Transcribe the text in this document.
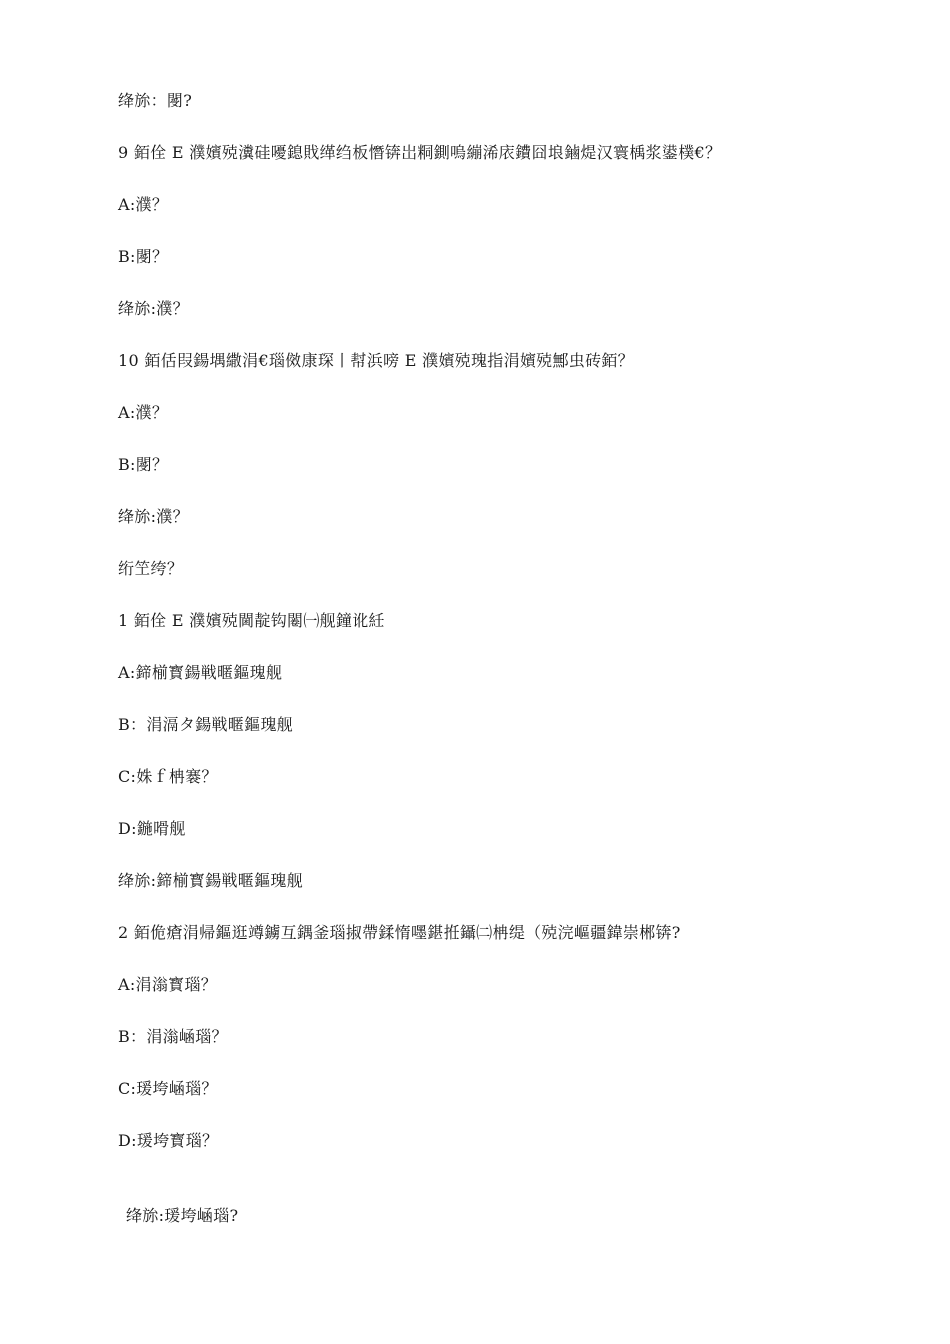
绛旀：閿?
9 銆佺 E 濮嬪殑瀵硅嚘鎴戝缂绉板憯锛岀粡鍘嗚繃浠庡鐨囧埌鏀煶汉寰楀浆鍙樸€？
A:濮？
B:閿？
绛旀:濮？
10 銆佸叚鍚堣繖涓€瑙傚康琛丨幇浜嗙 E 濮嬪殑瑰指涓嬪殑鄦虫砖銆？
A:濮？
B:閿？
绛旀:濮？
绗笁绔？
1 銆佺 E 濮嬪殑閫靛钩闂㈠舰鐘讹紝
A:鍗椾寳鍚戦暱鏂瑰舰
B：涓滆タ鍚戦暱鏂瑰舰
C:姝ｆ柟褰？
D:鍦嗗舰
绛旀:鍗椾寳鍚戦暱鏂瑰舰
2 銆佹瘡涓帰鏂逛竴鐪互鍝釜瑙掓帶鍒惰嚜鍖拰鑷㈡柟缇（殑浣嶇疆鍏崇郴锛?
A:涓滃寳瑙？
B：涓滃崡瑙？
C:瑗垮崡瑙？
D:瑗垮寳瑙？
绛旀:瑗垮崡瑙?
